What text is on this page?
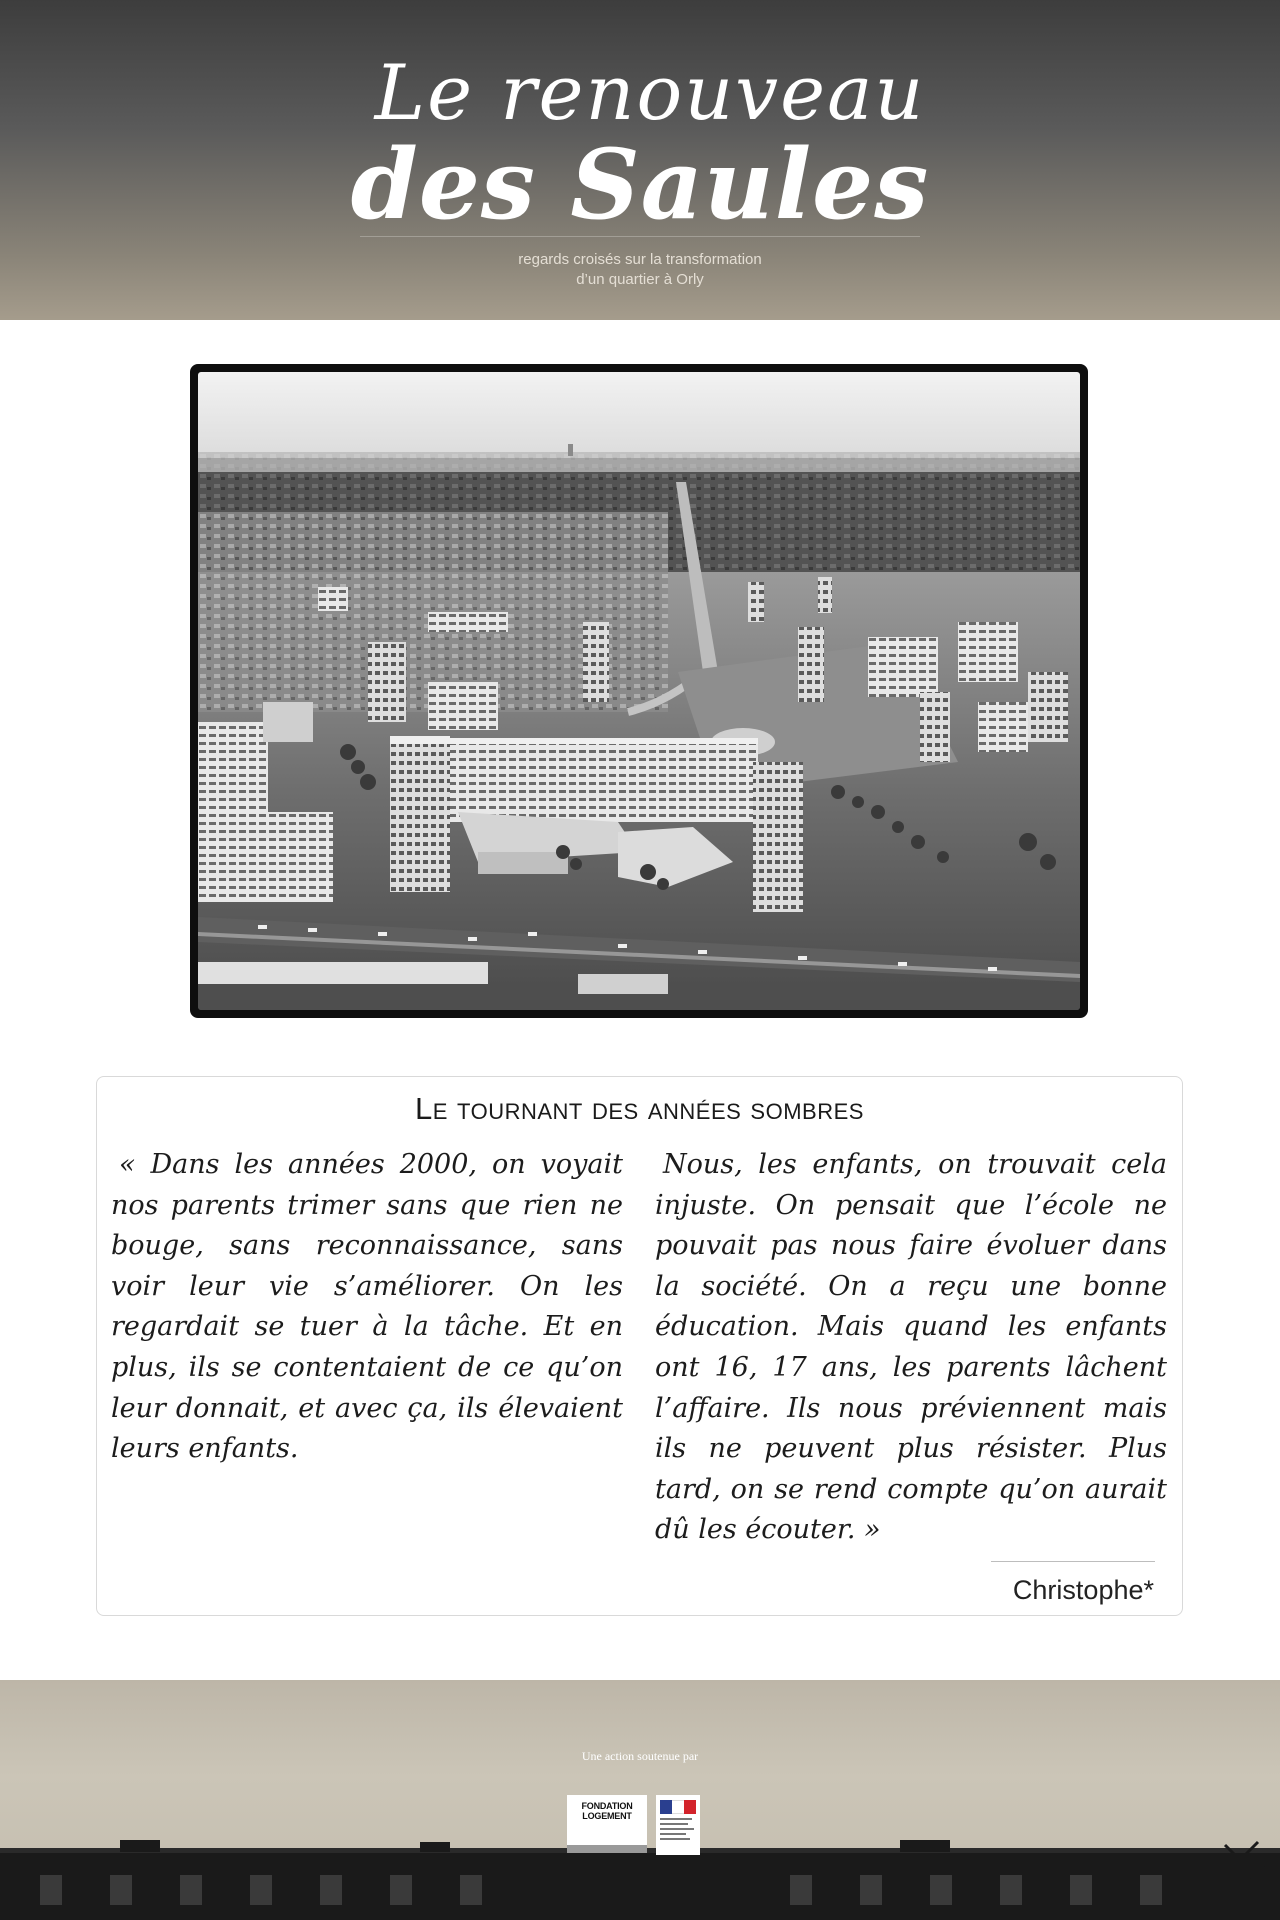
Le renouveau
des Saules
regards croisés sur la transformation
d’un quartier à Orly
Le tournant des années sombres
« Dans les années 2000, on voyait nos parents trimer sans que rien ne bouge, sans reconnaissance, sans voir leur vie s’améliorer. On les regardait se tuer à la tâche. Et en plus, ils se contentaient de ce qu’on leur donnait, et avec ça, ils élevaient leurs enfants.
Nous, les enfants, on trouvait cela injuste. On pensait que l’école ne pouvait pas nous faire évoluer dans la société. On a reçu une bonne éducation. Mais quand les enfants ont 16, 17 ans, les parents lâchent l’affaire. Ils nous préviennent mais ils ne peuvent plus résister. Plus tard, on se rend compte qu’on aurait dû les écouter. »
Christophe*
Une action soutenue par
FONDATION
LOGEMENT
